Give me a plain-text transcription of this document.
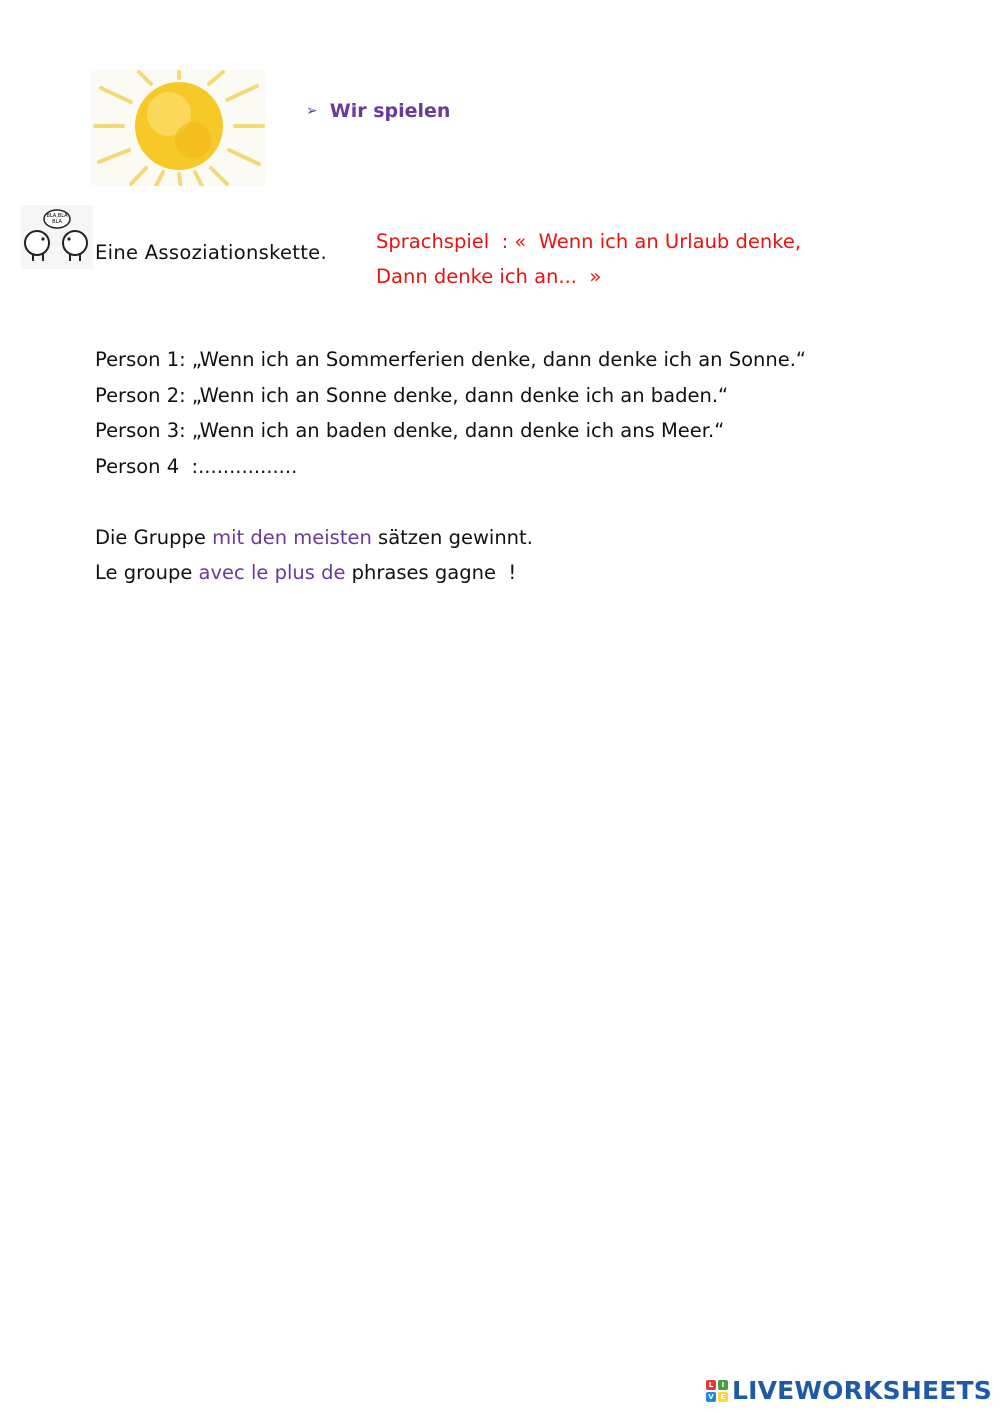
➢ Wir spielen
BLA,BLA
BLA
Eine Assoziationskette.	Sprachspiel  : «  Wenn ich an Urlaub denke,
Dann denke ich an...  »
Person 1: „Wenn ich an Sommerferien denke, dann denke ich an Sonne.“
Person 2: „Wenn ich an Sonne denke, dann denke ich an baden.“
Person 3: „Wenn ich an baden denke, dann denke ich ans Meer.“
Person 4  :................
Die Gruppe mit den meisten sätzen gewinnt.
Le groupe avec le plus de phrases gagne  !
L	I
V E LIVEWORKSHEETS
